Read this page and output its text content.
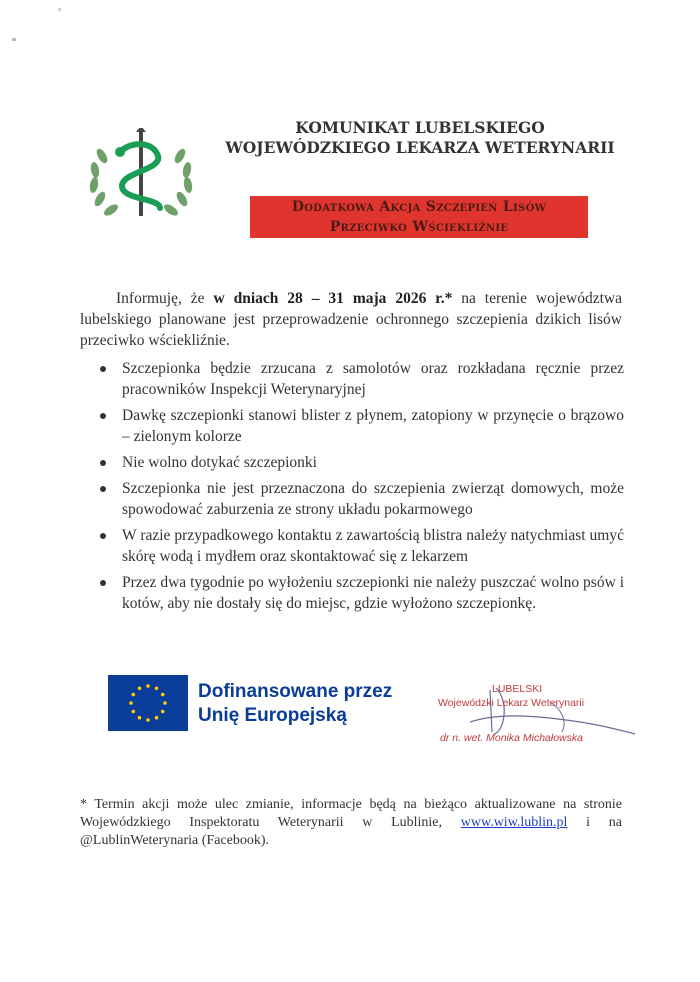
KOMUNIKAT LUBELSKIEGO
WOJEWÓDZKIEGO LEKARZA WETERYNARII
Dodatkowa Akcja Szczepień Lisów
Przeciwko Wściekliźnie
Informuję, że w dniach 28 – 31 maja 2026 r.* na terenie województwa lubelskiego planowane jest przeprowadzenie ochronnego szczepienia dzikich lisów przeciwko wściekliźnie.
Szczepionka będzie zrzucana z samolotów oraz rozkładana ręcznie przez pracowników Inspekcji Weterynaryjnej
Dawkę szczepionki stanowi blister z płynem, zatopiony w przynęcie o brązowo – zielonym kolorze
Nie wolno dotykać szczepionki
Szczepionka nie jest przeznaczona do szczepienia zwierząt domowych, może spowodować zaburzenia ze strony układu pokarmowego
W razie przypadkowego kontaktu z zawartością blistra należy natychmiast umyć skórę wodą i mydłem oraz skontaktować się z lekarzem
Przez dwa tygodnie po wyłożeniu szczepionki nie należy puszczać wolno psów i kotów, aby nie dostały się do miejsc, gdzie wyłożono szczepionkę.
Dofinansowane przez
Unię Europejską
LUBELSKI
Wojewódzki Lekarz Weterynarii
dr n. wet. Monika Michałowska
* Termin akcji może ulec zmianie, informacje będą na bieżąco aktualizowane na stronie Wojewódzkiego Inspektoratu Weterynarii w Lublinie, www.wiw.lublin.pl i na @LublinWeterynaria (Facebook).
